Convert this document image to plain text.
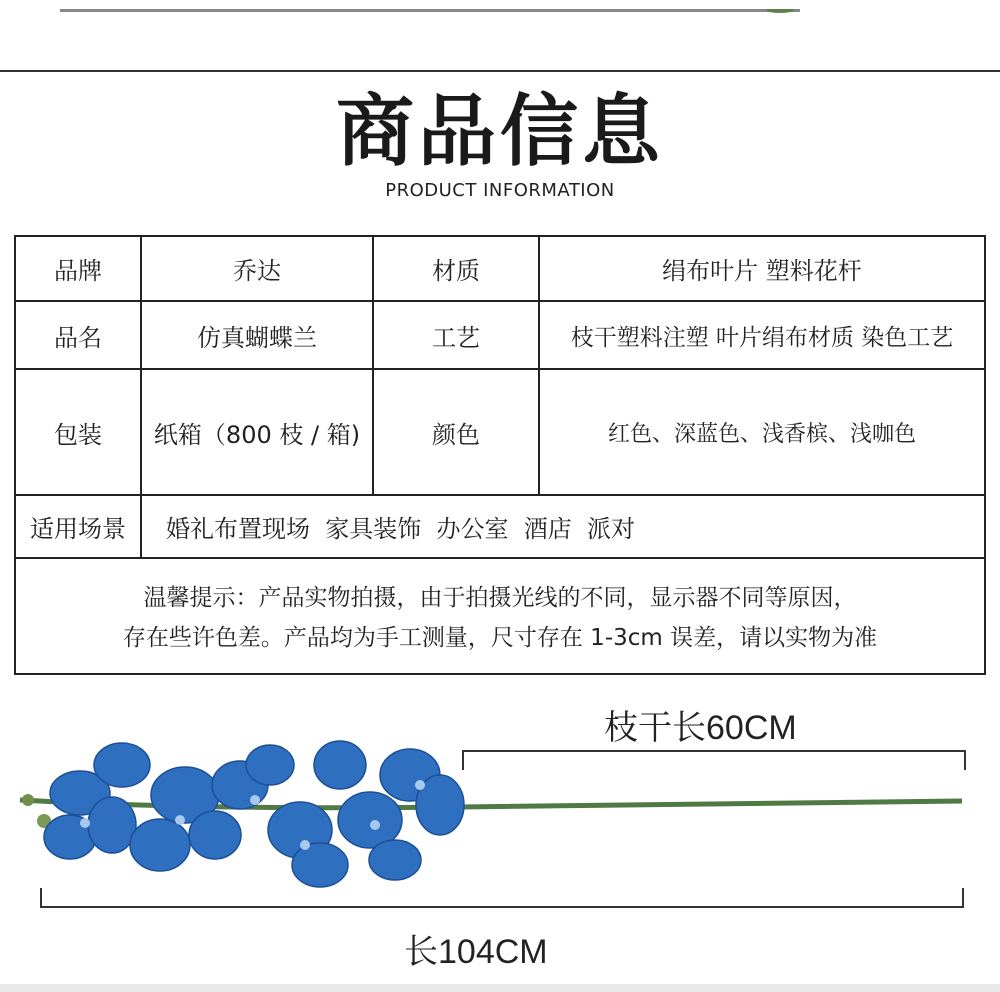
商品信息
PRODUCT INFORMATION
品牌	乔达	材质	绢布叶片 塑料花杆
品名	仿真蝴蝶兰	工艺	枝干塑料注塑 叶片绢布材质 染色工艺
包装	纸箱（800 枝 / 箱)	颜色	红色、深蓝色、浅香槟、浅咖色
适用场景	婚礼布置现场  家具装饰  办公室  酒店  派对
温馨提示：产品实物拍摄，由于拍摄光线的不同，显示器不同等原因，
存在些许色差。产品均为手工测量，尺寸存在 1-3cm 误差，请以实物为准
枝干长60CM
长104CM
